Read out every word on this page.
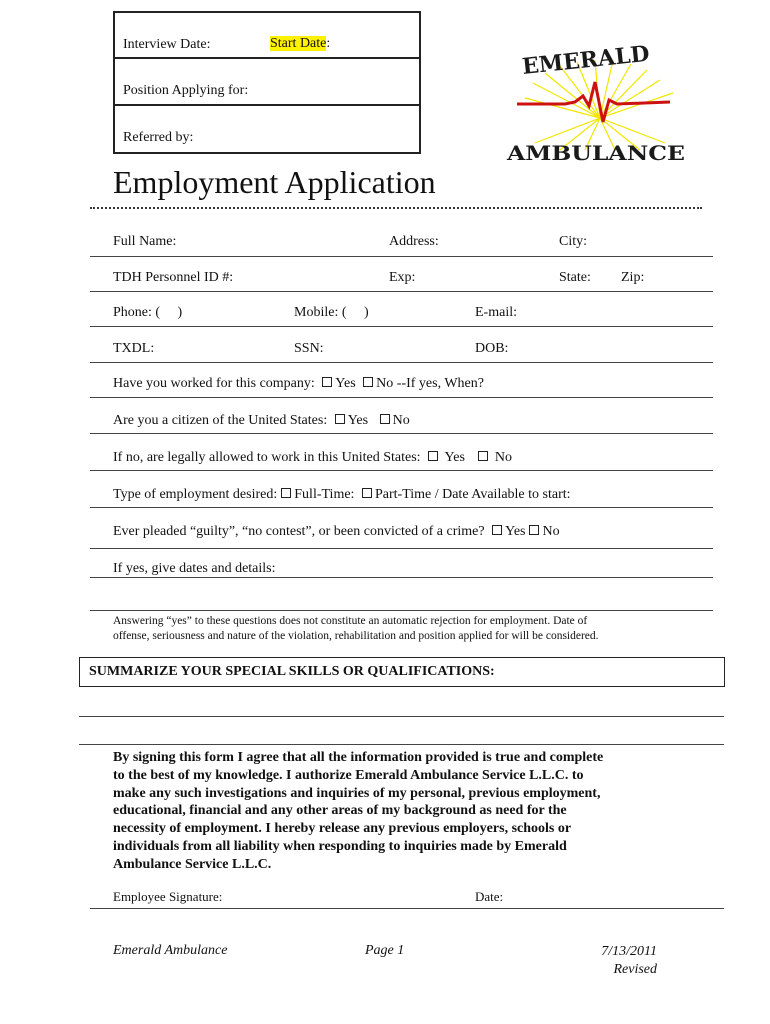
Interview Date:	Start Date:
Position Applying for:
Referred by:
EMERALD
AMBULANCE
Employment Application
Full Name:	Address:	City:
TDH Personnel ID #:	Exp:	State: Zip:
Phone: (     )	Mobile: (     )	E-mail:
TXDL:	SSN:	DOB:
Have you worked for this company: Yes No --If yes, When?
Are you a citizen of the United States: Yes No
If no, are legally allowed to work in this United States: Yes No
Type of employment desired: Full-Time: Part-Time / Date Available to start:
Ever pleaded “guilty”, “no contest”, or been convicted of a crime? Yes No
If yes, give dates and details:
Answering “yes” to these questions does not constitute an automatic rejection for employment. Date of
offense, seriousness and nature of the violation, rehabilitation and position applied for will be considered.
SUMMARIZE YOUR SPECIAL SKILLS OR QUALIFICATIONS:
By signing this form I agree that all the information provided is true and complete
to the best of my knowledge. I authorize Emerald Ambulance Service L.L.C. to
make any such investigations and inquiries of my personal, previous employment,
educational, financial and any other areas of my background as need for the
necessity of employment. I hereby release any previous employers, schools or
individuals from all liability when responding to inquiries made by Emerald
Ambulance Service L.L.C.
Employee Signature:	Date:
Emerald Ambulance	Page 1	7/13/2011
Revised
